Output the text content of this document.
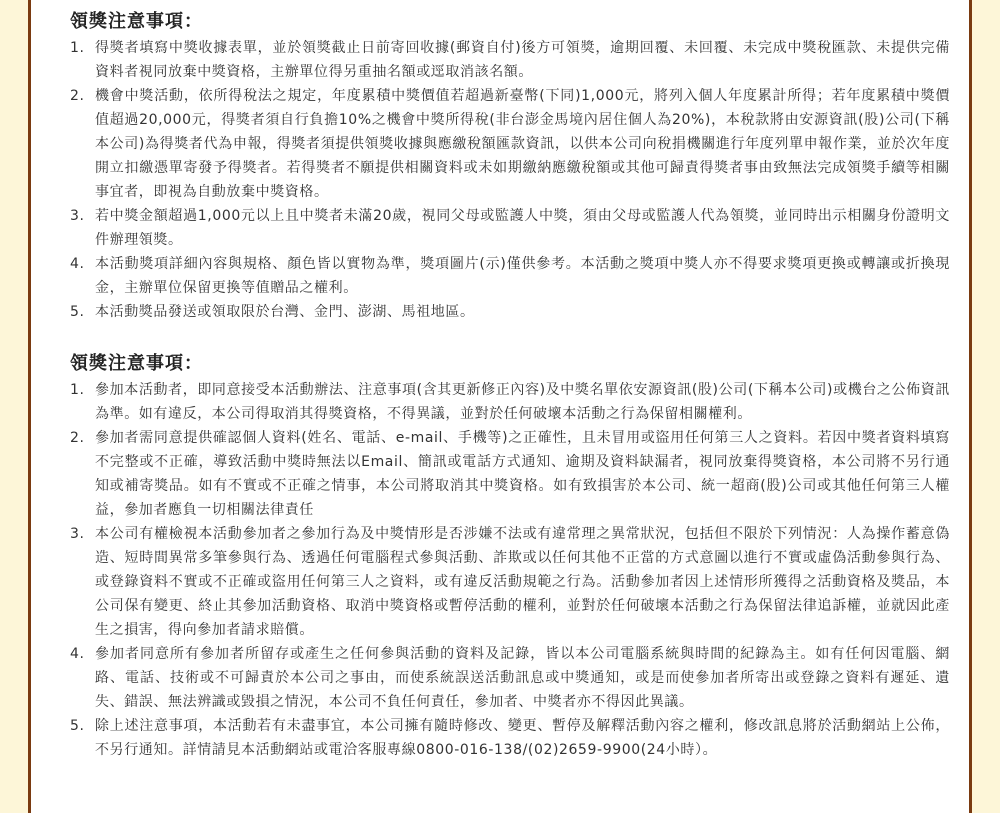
領獎注意事項：
1. 得獎者填寫中獎收據表單，並於領獎截止日前寄回收據(郵資自付)後方可領獎，逾期回覆、未回覆、未完成中獎稅匯款、未提供完備資料者視同放棄中獎資格，主辦單位得另重抽名額或逕取消該名額。
2. 機會中獎活動，依所得稅法之規定，年度累積中獎價值若超過新臺幣(下同)1,000元，將列入個人年度累計所得；若年度累積中獎價值超過20,000元，得獎者須自行負擔10%之機會中獎所得稅(非台澎金馬境內居住個人為20%)，本稅款將由安源資訊(股)公司(下稱本公司)為得獎者代為申報，得獎者須提供領獎收據與應繳稅額匯款資訊，以供本公司向稅捐機關進行年度列單申報作業，並於次年度開立扣繳憑單寄發予得獎者。若得獎者不願提供相關資料或未如期繳納應繳稅額或其他可歸責得獎者事由致無法完成領獎手續等相關事宜者，即視為自動放棄中獎資格。
3. 若中獎金額超過1,000元以上且中獎者未滿20歲，視同父母或監護人中獎，須由父母或監護人代為領獎，並同時出示相關身份證明文件辦理領獎。
4. 本活動獎項詳細內容與規格、顏色皆以實物為準，獎項圖片(示)僅供參考。本活動之獎項中獎人亦不得要求獎項更換或轉讓或折換現金，主辦單位保留更換等值贈品之權利。
5. 本活動獎品發送或領取限於台灣、金門、澎湖、馬祖地區。
領獎注意事項：
1. 參加本活動者，即同意接受本活動辦法、注意事項(含其更新修正內容)及中獎名單依安源資訊(股)公司(下稱本公司)或機台之公佈資訊為準。如有違反，本公司得取消其得獎資格，不得異議，並對於任何破壞本活動之行為保留相關權利。
2. 參加者需同意提供確認個人資料(姓名、電話、e-mail、手機等)之正確性，且未冒用或盜用任何第三人之資料。若因中獎者資料填寫不完整或不正確，導致活動中獎時無法以Email、簡訊或電話方式通知、逾期及資料缺漏者，視同放棄得獎資格，本公司將不另行通知或補寄獎品。如有不實或不正確之情事，本公司將取消其中獎資格。如有致損害於本公司、統一超商(股)公司或其他任何第三人權益，參加者應負一切相關法律責任
3. 本公司有權檢視本活動參加者之參加行為及中獎情形是否涉嫌不法或有違常理之異常狀況，包括但不限於下列情況：人為操作蓄意偽造、短時間異常多筆參與行為、透過任何電腦程式參與活動、詐欺或以任何其他不正當的方式意圖以進行不實或虛偽活動參與行為、或登錄資料不實或不正確或盜用任何第三人之資料，或有違反活動規範之行為。活動參加者因上述情形所獲得之活動資格及獎品，本公司保有變更、終止其參加活動資格、取消中獎資格或暫停活動的權利，並對於任何破壞本活動之行為保留法律追訴權，並就因此產生之損害，得向參加者請求賠償。
4. 參加者同意所有參加者所留存或產生之任何參與活動的資料及記錄，皆以本公司電腦系統與時間的紀錄為主。如有任何因電腦、網路、電話、技術或不可歸責於本公司之事由，而使系統誤送活動訊息或中獎通知，或是而使參加者所寄出或登錄之資料有遲延、遺失、錯誤、無法辨識或毀損之情況，本公司不負任何責任，參加者、中獎者亦不得因此異議。
5. 除上述注意事項，本活動若有未盡事宜，本公司擁有隨時修改、變更、暫停及解釋活動內容之權利，修改訊息將於活動網站上公佈，不另行通知。詳情請見本活動網站或電洽客服專線0800-016-138/(02)2659-9900(24小時）。
